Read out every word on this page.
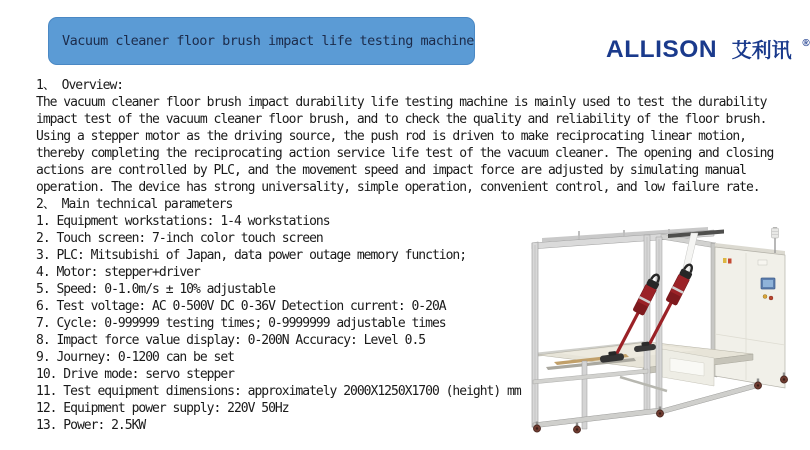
Vacuum cleaner floor brush impact life testing machine	ALLISON 艾利讯 ®
1、 Overview:
The vacuum cleaner floor brush impact durability life testing machine is mainly used to test the durability
impact test of the vacuum cleaner floor brush, and to check the quality and reliability of the floor brush.
Using a stepper motor as the driving source, the push rod is driven to make reciprocating linear motion,
thereby completing the reciprocating action service life test of the vacuum cleaner. The opening and closing
actions are controlled by PLC, and the movement speed and impact force are adjusted by simulating manual
operation. The device has strong universality, simple operation, convenient control, and low failure rate.
2、 Main technical parameters
1. Equipment workstations: 1-4 workstations
2. Touch screen: 7-inch color touch screen
3. PLC: Mitsubishi of Japan, data power outage memory function;
4. Motor: stepper+driver
5. Speed: 0-1.0m/s ± 10% adjustable
6. Test voltage: AC 0-500V DC 0-36V Detection current: 0-20A
7. Cycle: 0-999999 testing times; 0-9999999 adjustable times
8. Impact force value display: 0-200N Accuracy: Level 0.5
9. Journey: 0-1200 can be set
10. Drive mode: servo stepper
11. Test equipment dimensions: approximately 2000X1250X1700 (height) mm
12. Equipment power supply: 220V 50Hz
13. Power: 2.5KW
